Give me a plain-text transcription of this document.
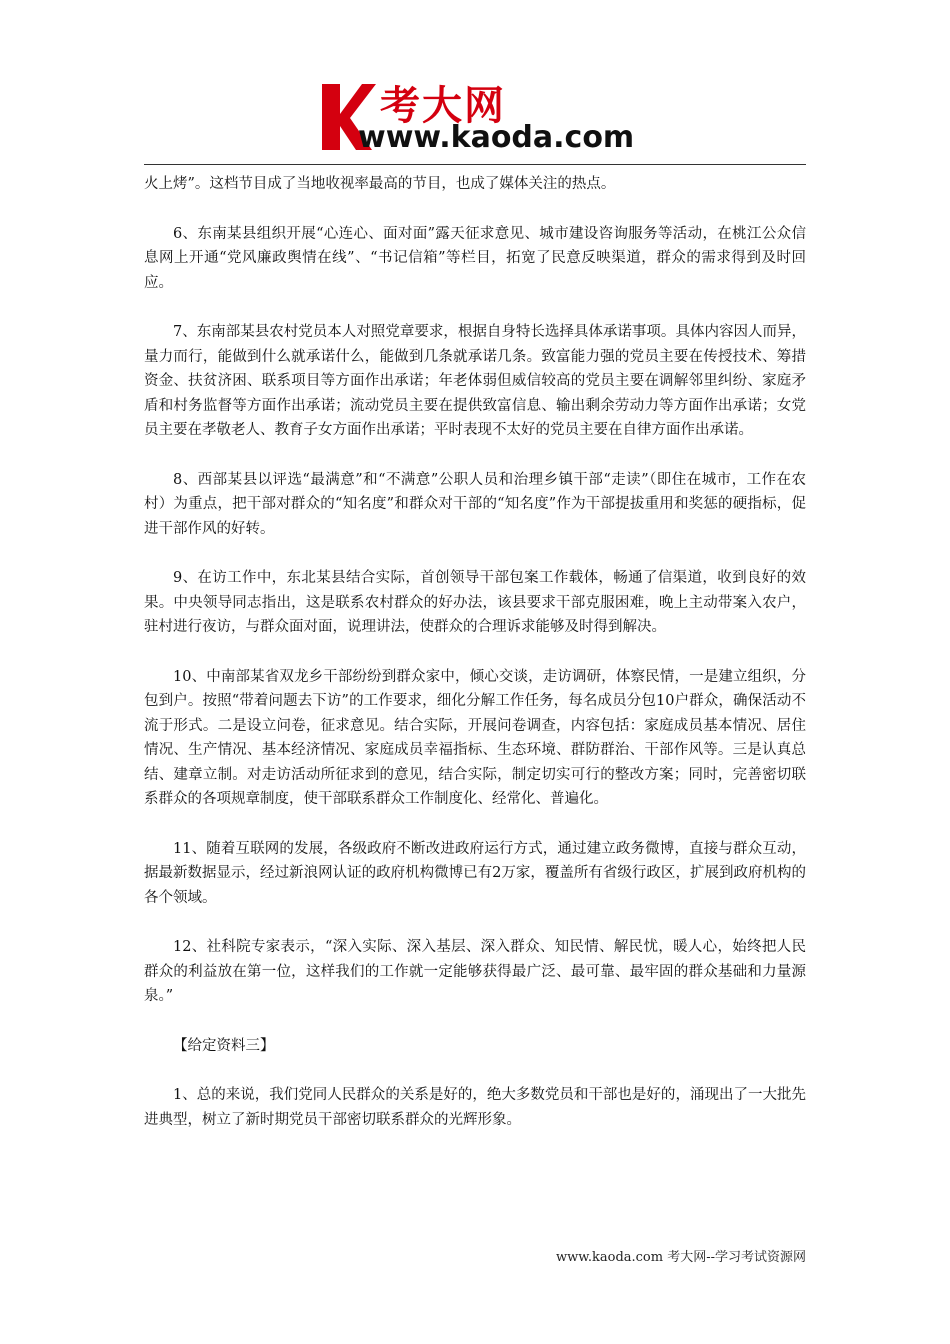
考大网
www.kaoda.com

火上烤”。这档节目成了当地收视率最高的节目，也成了媒体关注的热点。

6、东南某县组织开展“心连心、面对面”露天征求意见、城市建设咨询服务等活动，在桃江公众信息网上开通“党风廉政舆情在线”、“书记信箱”等栏目，拓宽了民意反映渠道，群众的需求得到及时回应。

7、东南部某县农村党员本人对照党章要求，根据自身特长选择具体承诺事项。具体内容因人而异，量力而行，能做到什么就承诺什么，能做到几条就承诺几条。致富能力强的党员主要在传授技术、筹措资金、扶贫济困、联系项目等方面作出承诺；年老体弱但威信较高的党员主要在调解邻里纠纷、家庭矛盾和村务监督等方面作出承诺；流动党员主要在提供致富信息、输出剩余劳动力等方面作出承诺；女党员主要在孝敬老人、教育子女方面作出承诺；平时表现不太好的党员主要在自律方面作出承诺。

8、西部某县以评选“最满意”和“不满意”公职人员和治理乡镇干部“走读”（即住在城市，工作在农村）为重点，把干部对群众的“知名度”和群众对干部的“知名度”作为干部提拔重用和奖惩的硬指标，促进干部作风的好转。

9、在访工作中，东北某县结合实际，首创领导干部包案工作载体，畅通了信渠道，收到良好的效果。中央领导同志指出，这是联系农村群众的好办法，该县要求干部克服困难，晚上主动带案入农户，驻村进行夜访，与群众面对面，说理讲法，使群众的合理诉求能够及时得到解决。

10、中南部某省双龙乡干部纷纷到群众家中，倾心交谈，走访调研，体察民情，一是建立组织，分包到户。按照“带着问题去下访”的工作要求，细化分解工作任务，每名成员分包10户群众，确保活动不流于形式。二是设立问卷，征求意见。结合实际，开展问卷调查，内容包括：家庭成员基本情况、居住情况、生产情况、基本经济情况、家庭成员幸福指标、生态环境、群防群治、干部作风等。三是认真总结、建章立制。对走访活动所征求到的意见，结合实际，制定切实可行的整改方案；同时，完善密切联系群众的各项规章制度，使干部联系群众工作制度化、经常化、普遍化。

11、随着互联网的发展，各级政府不断改进政府运行方式，通过建立政务微博，直接与群众互动，据最新数据显示，经过新浪网认证的政府机构微博已有2万家，覆盖所有省级行政区，扩展到政府机构的各个领域。

12、社科院专家表示，“深入实际、深入基层、深入群众、知民情、解民忧，暖人心，始终把人民群众的利益放在第一位，这样我们的工作就一定能够获得最广泛、最可靠、最牢固的群众基础和力量源泉。”

【给定资料三】

1、总的来说，我们党同人民群众的关系是好的，绝大多数党员和干部也是好的，涌现出了一大批先进典型，树立了新时期党员干部密切联系群众的光辉形象。

www.kaoda.com 考大网--学习考试资源网
